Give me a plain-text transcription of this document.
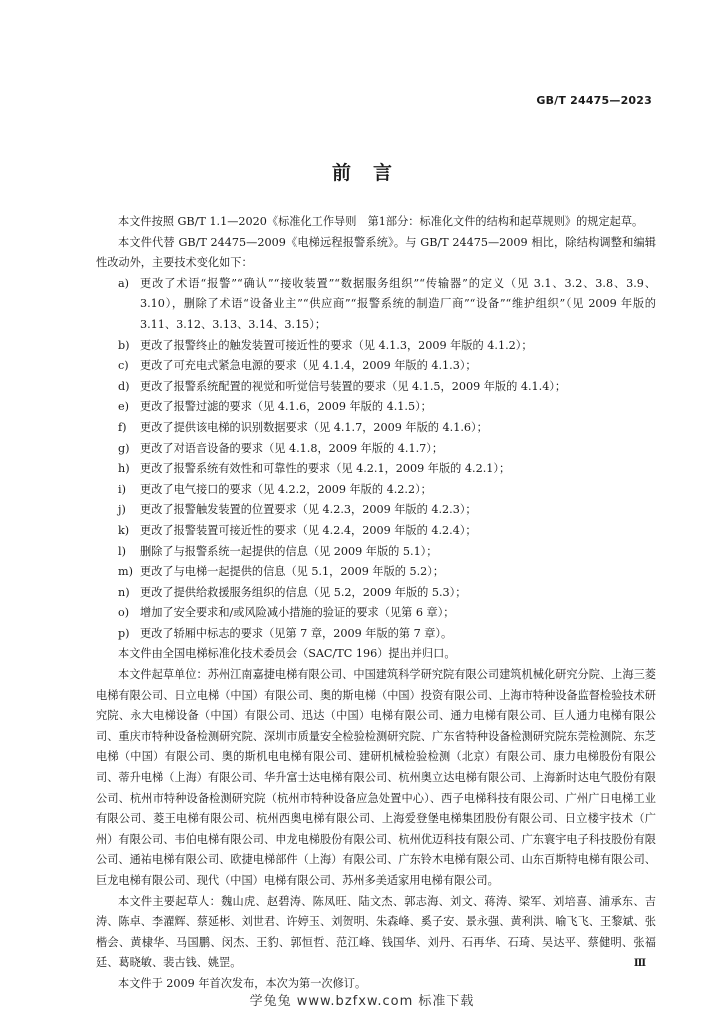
GB/T 24475—2023
前言

本文件按照 GB/T 1.1—2020《标准化工作导则　第1部分：标准化文件的结构和起草规则》的规定起草。

本文件代替 GB/T 24475—2009《电梯远程报警系统》。与 GB/T 24475—2009 相比，除结构调整和编辑性改动外，主要技术变化如下：

a) 更改了术语“报警”“确认”“接收装置”“数据服务组织”“传输器”的定义（见 3.1、3.2、3.8、3.9、3.10），删除了术语“设备业主”“供应商”“报警系统的制造厂商”“设备”“维护组织”（见 2009 年版的 3.11、3.12、3.13、3.14、3.15）；
b) 更改了报警终止的触发装置可接近性的要求（见 4.1.3，2009 年版的 4.1.2）；
c)	更改了可充电式紧急电源的要求（见 4.1.4，2009 年版的 4.1.3）；
d) 更改了报警系统配置的视觉和听觉信号装置的要求（见 4.1.5，2009 年版的 4.1.4）；
e) 更改了报警过滤的要求（见 4.1.6，2009 年版的 4.1.5）；
f)	更改了提供该电梯的识别数据要求（见 4.1.7，2009 年版的 4.1.6）；
g) 更改了对语音设备的要求（见 4.1.8，2009 年版的 4.1.7）；
h) 更改了报警系统有效性和可靠性的要求（见 4.2.1，2009 年版的 4.2.1）；
i)	更改了电气接口的要求（见 4.2.2，2009 年版的 4.2.2）；
j)	更改了报警触发装置的位置要求（见 4.2.3，2009 年版的 4.2.3）；
k) 更改了报警装置可接近性的要求（见 4.2.4，2009 年版的 4.2.4）；
l)	删除了与报警系统一起提供的信息（见 2009 年版的 5.1）；
m) 更改了与电梯一起提供的信息（见 5.1，2009 年版的 5.2）；
n) 更改了提供给救援服务组织的信息（见 5.2，2009 年版的 5.3）；
o) 增加了安全要求和/或风险减小措施的验证的要求（见第 6 章）；
p) 更改了轿厢中标志的要求（见第 7 章，2009 年版的第 7 章）。

本文件由全国电梯标准化技术委员会（SAC/TC 196）提出并归口。

本文件起草单位：苏州江南嘉捷电梯有限公司、中国建筑科学研究院有限公司建筑机械化研究分院、上海三菱电梯有限公司、日立电梯（中国）有限公司、奥的斯电梯（中国）投资有限公司、上海市特种设备监督检验技术研究院、永大电梯设备（中国）有限公司、迅达（中国）电梯有限公司、通力电梯有限公司、巨人通力电梯有限公司、重庆市特种设备检测研究院、深圳市质量安全检验检测研究院、广东省特种设备检测研究院东莞检测院、东芝电梯（中国）有限公司、奥的斯机电电梯有限公司、建研机械检验检测（北京）有限公司、康力电梯股份有限公司、蒂升电梯（上海）有限公司、华升富士达电梯有限公司、杭州奥立达电梯有限公司、上海新时达电气股份有限公司、杭州市特种设备检测研究院（杭州市特种设备应急处置中心）、西子电梯科技有限公司、广州广日电梯工业有限公司、菱王电梯有限公司、杭州西奥电梯有限公司、上海爱登堡电梯集团股份有限公司、日立楼宇技术（广州）有限公司、韦伯电梯有限公司、申龙电梯股份有限公司、杭州优迈科技有限公司、广东寰宇电子科技股份有限公司、通祐电梯有限公司、欧捷电梯部件（上海）有限公司、广东铃木电梯有限公司、山东百斯特电梯有限公司、巨龙电梯有限公司、现代（中国）电梯有限公司、苏州多美适家用电梯有限公司。

本文件主要起草人：魏山虎、赵碧涛、陈凤旺、陆文杰、郭志海、刘文、蒋涛、梁军、刘培喜、浦承东、吉涛、陈卓、李濯辉、蔡延彬、刘世君、许婷玉、刘贺明、朱森峰、奚子安、景永强、黄利洪、喻飞飞、王黎斌、张楷会、黄棣华、马国鹏、闵杰、王豹、郭恒哲、范江峰、钱国华、刘丹、石再华、石琦、吴达平、蔡健明、张福廷、葛晓敏、裴古钱、姚罡。

本文件于 2009 年首次发布，本次为第一次修订。

Ⅲ
学兔兔 www.bzfxw.com 标准下载
